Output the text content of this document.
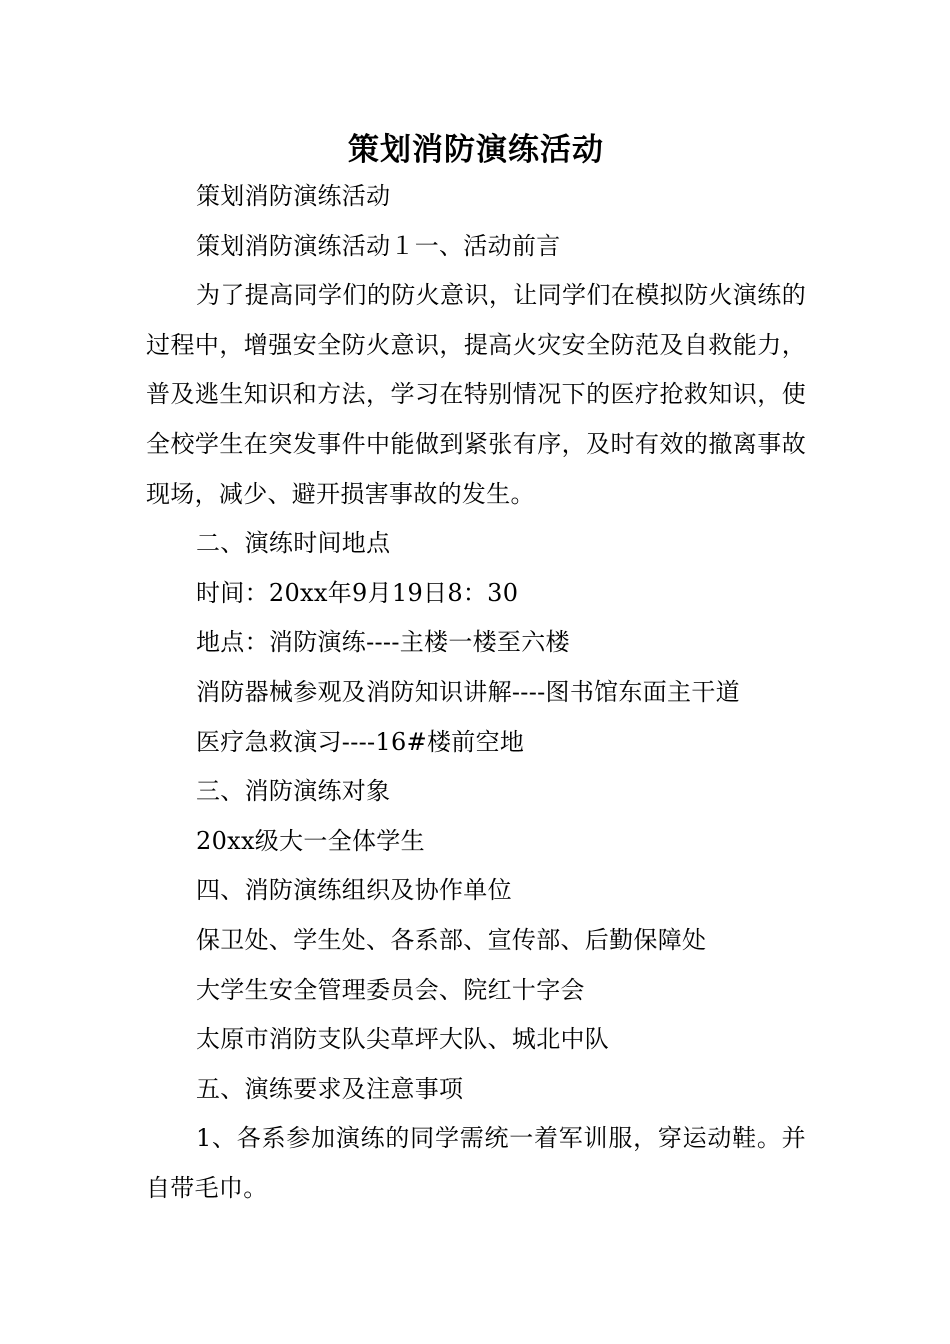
策划消防演练活动

策划消防演练活动

策划消防演练活动１一、活动前言

为了提高同学们的防火意识，让同学们在模拟防火演练的过程中，增强安全防火意识，提高火灾安全防范及自救能力，普及逃生知识和方法，学习在特别情况下的医疗抢救知识，使全校学生在突发事件中能做到紧张有序，及时有效的撤离事故现场，减少、避开损害事故的发生。

二、演练时间地点

时间：20xx年9月19日8：30

地点：消防演练----主楼一楼至六楼

消防器械参观及消防知识讲解----图书馆东面主干道

医疗急救演习----16#楼前空地

三、消防演练对象

20xx级大一全体学生

四、消防演练组织及协作单位

保卫处、学生处、各系部、宣传部、后勤保障处

大学生安全管理委员会、院红十字会

太原市消防支队尖草坪大队、城北中队

五、演练要求及注意事项

1、各系参加演练的同学需统一着军训服，穿运动鞋。并自带毛巾。
